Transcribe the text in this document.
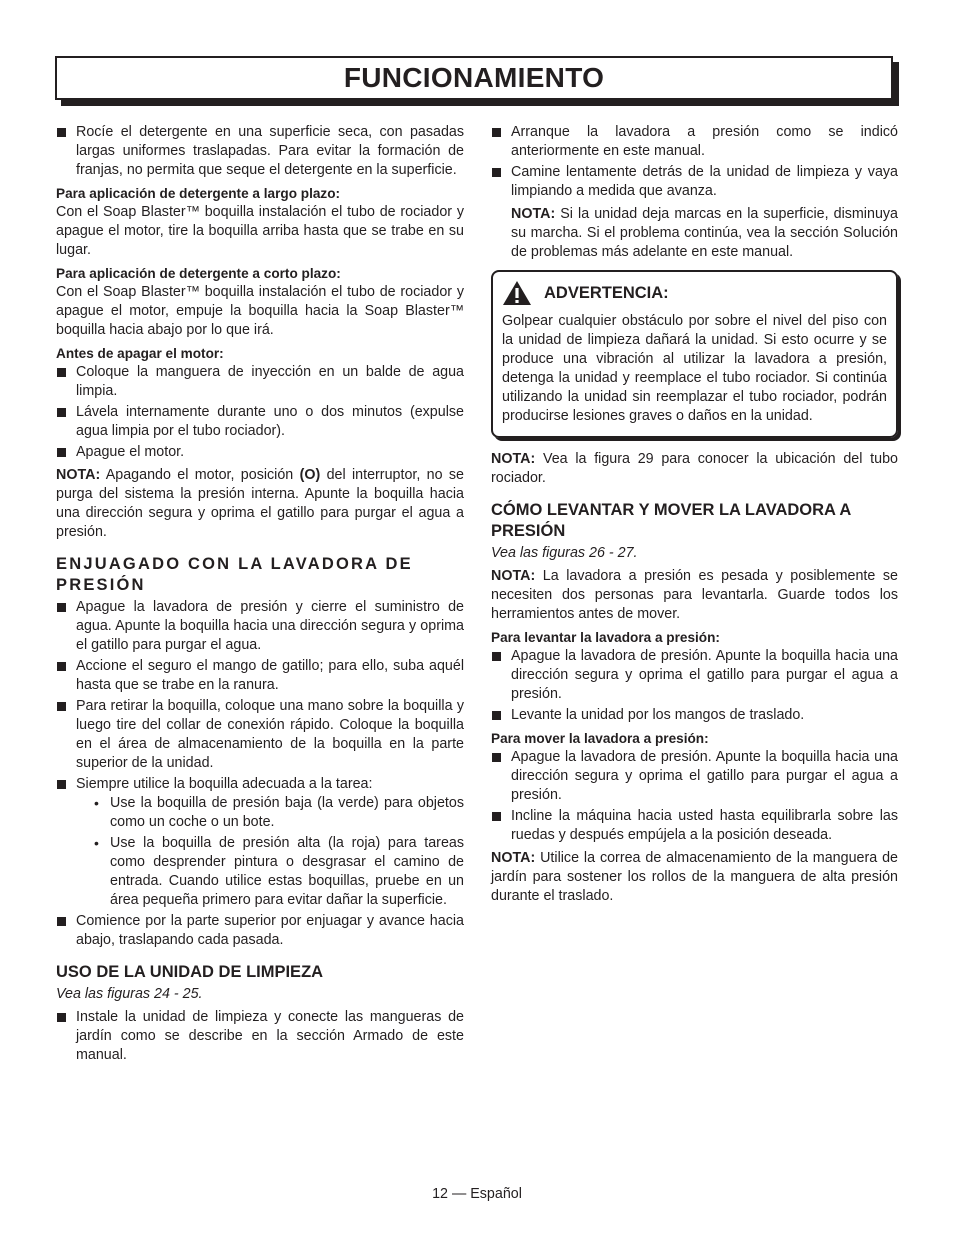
FUNCIONAMIENTO
Rocíe el detergente en una superficie seca, con pasadas largas uniformes traslapadas. Para evitar la formación de franjas, no permita que seque el detergente en la superficie.

Para aplicación de detergente a largo plazo:

Con el Soap Blaster™ boquilla instalación el tubo de rociador y apague el motor, tire la boquilla arriba hasta que se trabe en su lugar.

Para aplicación de detergente a corto plazo:

Con el Soap Blaster™ boquilla instalación el tubo de rociador y apague el motor, empuje la boquilla hacia la Soap Blaster™ boquilla hacia abajo por lo que irá.

Antes de apagar el motor:

Coloque la manguera de inyección en un balde de agua limpia.
Lávela internamente durante uno o dos minutos (expulse agua limpia por el tubo rociador).
Apague el motor.

NOTA: Apagando el motor, posición (O) del interruptor, no se purga del sistema la presión interna. Apunte la boquilla hacia una dirección segura y oprima el gatillo para purgar el agua a presión.

ENJUAGADO CON LA LAVADORA DE PRESIÓN
Apague la lavadora de presión y cierre el suministro de agua. Apunte la boquilla hacia una dirección segura y oprima el gatillo para purgar el agua.
Accione el seguro el mango de gatillo; para ello, suba aquél hasta que se trabe en la ranura.
Para retirar la boquilla, coloque una mano sobre la boquilla y luego tire del collar de conexión rápido. Coloque la boquilla en el área de almacenamiento de la boquilla en la parte superior de la unidad.
Siempre utilice la boquilla adecuada a la tarea:
• Use la boquilla de presión baja (la verde) para objetos como un coche o un bote.
• Use la boquilla de presión alta (la roja) para tareas como desprender pintura o desgrasar el camino de entrada. Cuando utilice estas boquillas, pruebe en un área pequeña primero para evitar dañar la superficie.
Comience por la parte superior por enjuagar y avance hacia abajo, traslapando cada pasada.
USO DE LA UNIDAD DE LIMPIEZA

Vea las figuras 24 - 25.

Instale la unidad de limpieza y conecte las mangueras de jardín como se describe en la sección Armado de este manual.
Arranque la lavadora a presión como se indicó anteriormente en este manual.
Camine lentamente detrás de la unidad de limpieza y vaya limpiando a medida que avanza.

NOTA: Si la unidad deja marcas en la superficie, disminuya su marcha. Si el problema continúa, vea la sección Solución de problemas más adelante en este manual.

ADVERTENCIA:

Golpear cualquier obstáculo por sobre el nivel del piso con la unidad de limpieza dañará la unidad. Si esto ocurre y se produce una vibración al utilizar la lavadora a presión, detenga la unidad y reemplace el tubo rociador. Si continúa utilizando la unidad sin reemplazar el tubo rociador, podrán producirse lesiones graves o daños en la unidad.

NOTA: Vea la figura 29 para conocer la ubicación del tubo rociador.

CÓMO LEVANTAR Y MOVER LA LAVADORA A PRESIÓN

Vea las figuras 26 - 27.

NOTA: La lavadora a presión es pesada y posiblemente se necesiten dos personas para levantarla. Guarde todos los herramientos antes de mover.

Para levantar la lavadora a presión:

Apague la lavadora de presión. Apunte la boquilla hacia una dirección segura y oprima el gatillo para purgar el agua a presión.
Levante la unidad por los mangos de traslado.

Para mover la lavadora a presión:

Apague la lavadora de presión. Apunte la boquilla hacia una dirección segura y oprima el gatillo para purgar el agua a presión.
Incline la máquina hacia usted hasta equilibrarla sobre las ruedas y después empújela a la posición deseada.

NOTA: Utilice la correa de almacenamiento de la manguera de jardín para sostener los rollos de la manguera de alta presión durante el traslado.

12 — Español
